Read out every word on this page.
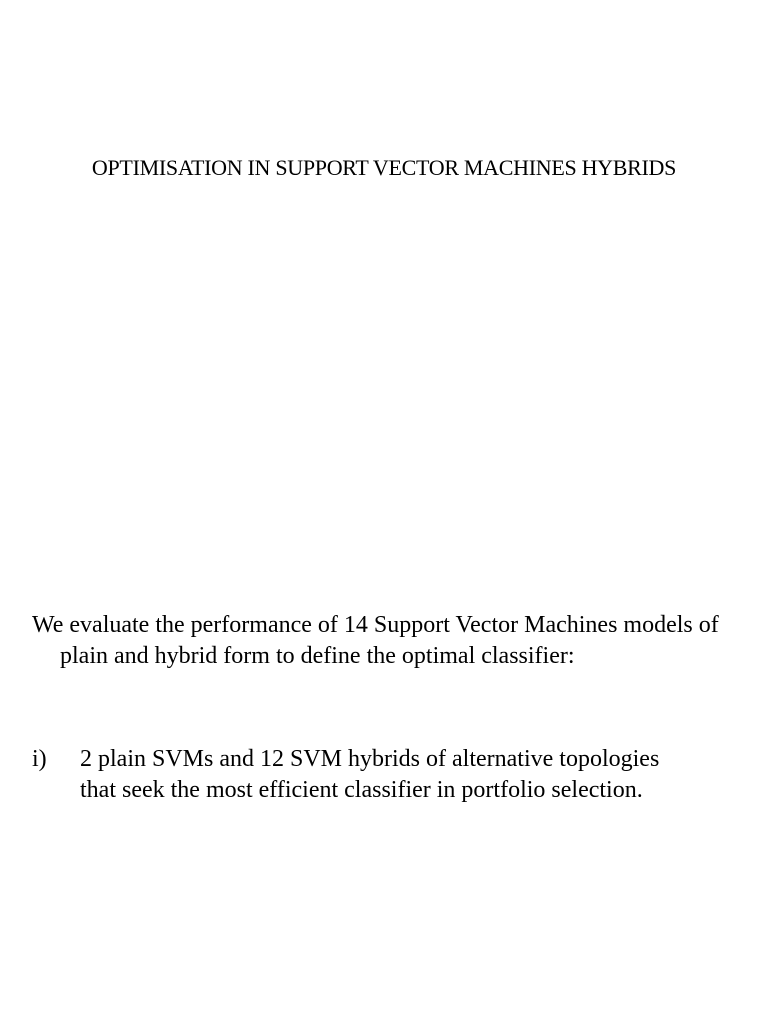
OPTIMISATION IN SUPPORT VECTOR MACHINES HYBRIDS
We evaluate the performance of 14 Support Vector Machines models of plain and hybrid form to define the optimal classifier:
i)	2 plain SVMs and 12 SVM hybrids of alternative topologies that seek the most efficient classifier in portfolio selection.
